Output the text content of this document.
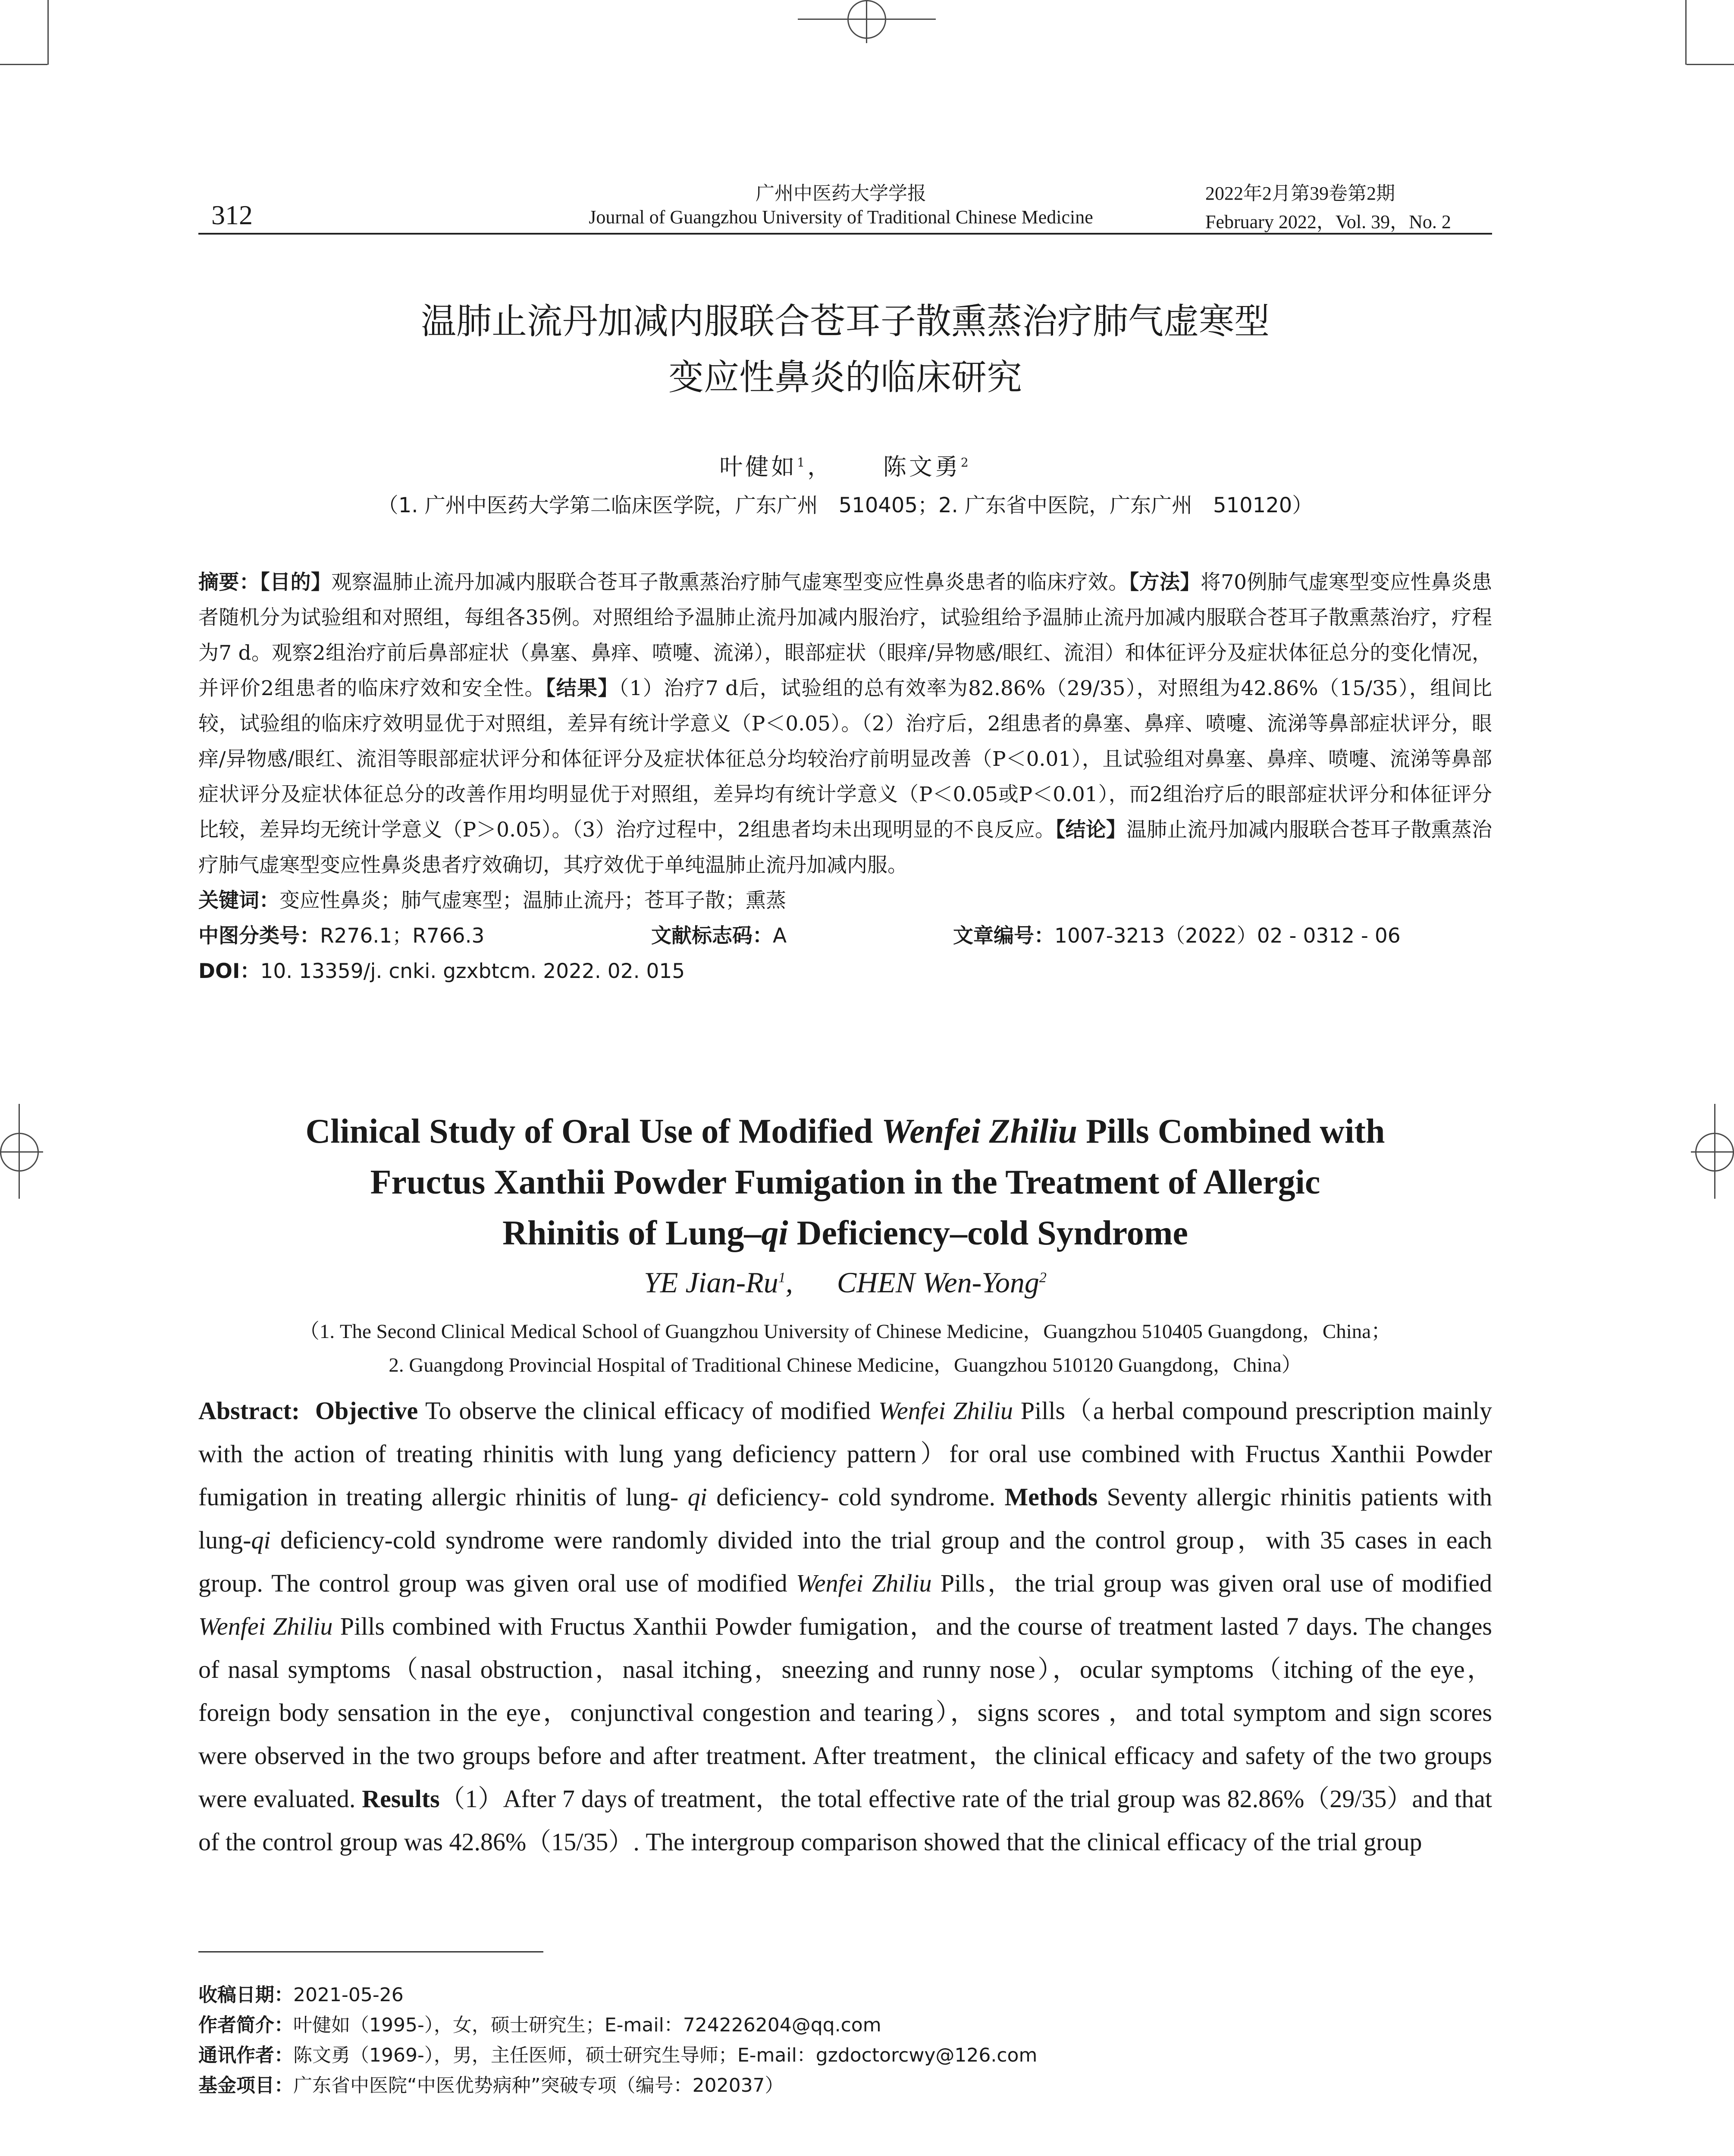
312
广州中医药大学学报
Journal of Guangzhou University of Traditional Chinese Medicine
2022年2月第39卷第2期
February 2022，Vol. 39，No. 2
温肺止流丹加减内服联合苍耳子散熏蒸治疗肺气虚寒型
变应性鼻炎的临床研究
叶健如$^1$， 陈文勇$^2$
（1. 广州中医药大学第二临床医学院，广东广州　510405；2. 广东省中医院，广东广州　510120）
摘要：【目的】观察温肺止流丹加减内服联合苍耳子散熏蒸治疗肺气虚寒型变应性鼻炎患者的临床疗效。【方法】将70例肺气虚寒型变应性鼻炎患者随机分为试验组和对照组，每组各35例。对照组给予温肺止流丹加减内服治疗，试验组给予温肺止流丹加减内服联合苍耳子散熏蒸治疗，疗程为7 d。观察2组治疗前后鼻部症状（鼻塞、鼻痒、喷嚏、流涕），眼部症状（眼痒/异物感/眼红、流泪）和体征评分及症状体征总分的变化情况，并评价2组患者的临床疗效和安全性。【结果】（1）治疗7 d后，试验组的总有效率为82.86%（29/35），对照组为42.86%（15/35），组间比较，试验组的临床疗效明显优于对照组，差异有统计学意义（P＜0.05）。（2）治疗后，2组患者的鼻塞、鼻痒、喷嚏、流涕等鼻部症状评分，眼痒/异物感/眼红、流泪等眼部症状评分和体征评分及症状体征总分均较治疗前明显改善（P＜0.01），且试验组对鼻塞、鼻痒、喷嚏、流涕等鼻部症状评分及症状体征总分的改善作用均明显优于对照组，差异均有统计学意义（P＜0.05或P＜0.01），而2组治疗后的眼部症状评分和体征评分比较，差异均无统计学意义（P＞0.05）。（3）治疗过程中，2组患者均未出现明显的不良反应。【结论】温肺止流丹加减内服联合苍耳子散熏蒸治疗肺气虚寒型变应性鼻炎患者疗效确切，其疗效优于单纯温肺止流丹加减内服。
关键词：变应性鼻炎；肺气虚寒型；温肺止流丹；苍耳子散；熏蒸
中图分类号：R276.1；R766.3	文献标志码：A	文章编号：1007-3213（2022）02 - 0312 - 06
DOI：10. 13359/j. cnki. gzxbtcm. 2022. 02. 015
Clinical Study of Oral Use of Modified Wenfei Zhiliu Pills Combined with
Fructus Xanthii Powder Fumigation in the Treatment of Allergic
Rhinitis of Lung–qi Deficiency–cold Syndrome
YE Jian-Ru$^1$,      CHEN Wen-Yong$^2$
（1. The Second Clinical Medical School of Guangzhou University of Chinese Medicine，Guangzhou 510405 Guangdong，China；
2. Guangdong Provincial Hospital of Traditional Chinese Medicine，Guangzhou 510120 Guangdong，China）
Abstract: Objective To observe the clinical efficacy of modified Wenfei Zhiliu Pills（a herbal compound prescription mainly with the action of treating rhinitis with lung yang deficiency pattern）for oral use combined with Fructus Xanthii Powder fumigation in treating allergic rhinitis of lung- qi deficiency- cold syndrome. Methods Seventy allergic rhinitis patients with lung-qi deficiency-cold syndrome were randomly divided into the trial group and the control group，with 35 cases in each group. The control group was given oral use of modified Wenfei Zhiliu Pills，the trial group was given oral use of modified Wenfei Zhiliu Pills combined with Fructus Xanthii Powder fumigation，and the course of treatment lasted 7 days. The changes of nasal symptoms（nasal obstruction，nasal itching，sneezing and runny nose），ocular symptoms（itching of the eye，foreign body sensation in the eye，conjunctival congestion and tearing），signs scores ，and total symptom and sign scores were observed in the two groups before and after treatment. After treatment，the clinical efficacy and safety of the two groups were evaluated. Results（1）After 7 days of treatment，the total effective rate of the trial group was 82.86%（29/35）and that of the control group was 42.86%（15/35）. The intergroup comparison showed that the clinical efficacy of the trial group
收稿日期：2021-05-26
作者简介：叶健如（1995-），女，硕士研究生；E-mail：724226204@qq.com
通讯作者：陈文勇（1969-），男，主任医师，硕士研究生导师；E-mail：gzdoctorcwy@126.com
基金项目：广东省中医院“中医优势病种”突破专项（编号：202037）
